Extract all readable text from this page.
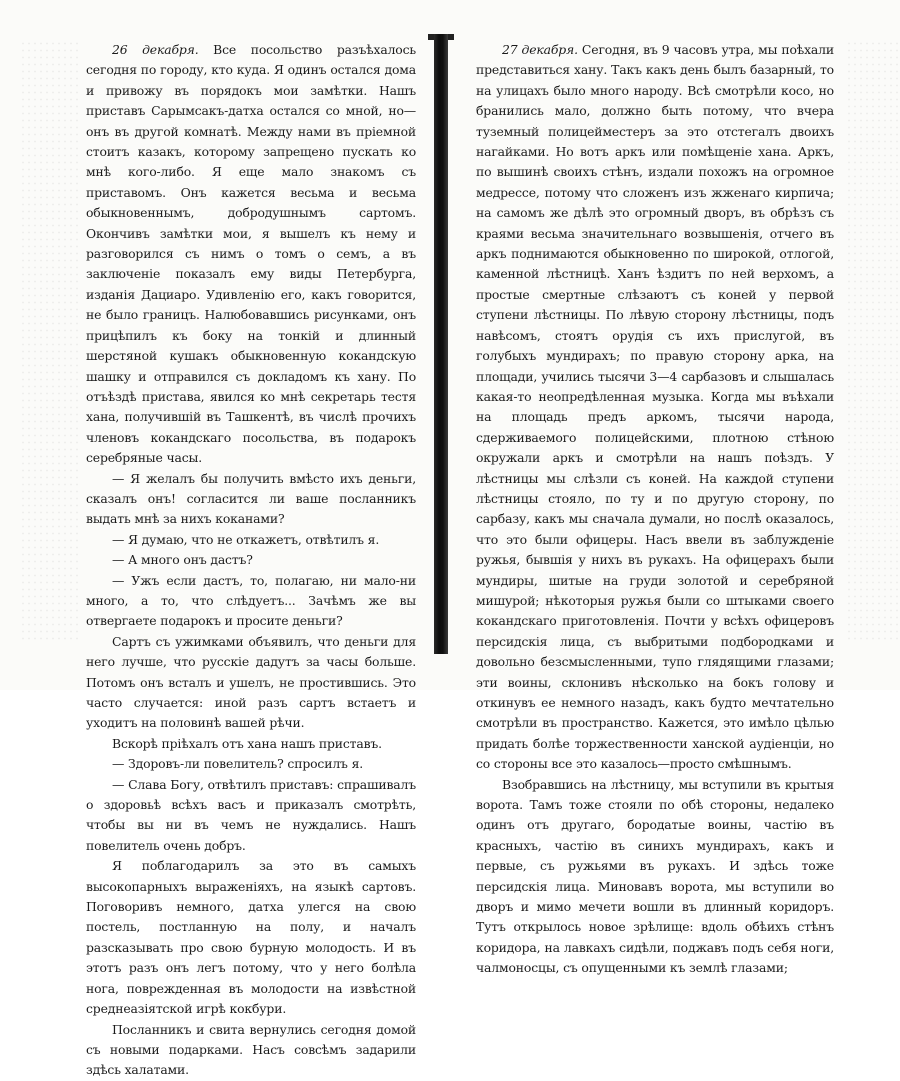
26 декабря. Все посольство разъѣхалось сегодня по городу, кто куда. Я одинъ остался дома и привожу въ порядокъ мои замѣтки. Нашъ приставъ Сарымсакъ-датха остался со мной, но—онъ въ другой комнатѣ. Между нами въ пріемной стоитъ казакъ, которому запрещено пускать ко мнѣ кого-либо. Я еще мало знакомъ съ приставомъ. Онъ кажется весьма и весьма обыкновеннымъ, добродушнымъ сартомъ. Окончивъ замѣтки мои, я вышелъ къ нему и разговорился съ нимъ о томъ о семъ, а въ заключеніе показалъ ему виды Петербурга, изданія Дациаро. Удивленію его, какъ говорится, не было границъ. Налюбовавшись рисунками, онъ прицѣпилъ къ боку на тонкій и длинный шерстяной кушакъ обыкновенную кокандскую шашку и отправился съ докладомъ къ хану. По отъѣздѣ пристава, явился ко мнѣ секретарь тестя хана, получившій въ Ташкентѣ, въ числѣ прочихъ членовъ кокандскаго посольства, въ подарокъ серебряные часы.

— Я желалъ бы получить вмѣсто ихъ деньги, сказалъ онъ! согласится ли ваше посланникъ выдать мнѣ за нихъ коканами?

— Я думаю, что не откажетъ, отвѣтилъ я.

— А много онъ дастъ?

— Ужъ если дастъ, то, полагаю, ни мало-ни много, а то, что слѣдуетъ... Зачѣмъ же вы отвергаете подарокъ и просите деньги?

Сартъ съ ужимками объявилъ, что деньги для него лучше, что русскіе дадутъ за часы больше. Потомъ онъ всталъ и ушелъ, не простившись. Это часто случается: иной разъ сартъ встаетъ и уходитъ на половинѣ вашей рѣчи.

Вскорѣ пріѣхалъ отъ хана нашъ приставъ.

— Здоровъ-ли повелитель? спросилъ я.

— Слава Богу, отвѣтилъ приставъ: спрашивалъ о здоровьѣ всѣхъ васъ и приказалъ смотрѣть, чтобы вы ни въ чемъ не нуждались. Нашъ повелитель очень добръ.

Я поблагодарилъ за это въ самыхъ высокопарныхъ выраженіяхъ, на языкѣ сартовъ. Поговоривъ немного, датха улегся на свою постель, постланную на полу, и началъ разсказывать про свою бурную молодость. И въ этотъ разъ онъ легъ потому, что у него болѣла нога, поврежденная въ молодости на извѣстной среднеазіятской игрѣ кокбури.

Посланникъ и свита вернулись сегодня домой съ новыми подарками. Насъ совсѣмъ задарили здѣсь халатами.

27 декабря. Сегодня, въ 9 часовъ утра, мы поѣхали представиться хану. Такъ какъ день былъ базарный, то на улицахъ было много народу. Всѣ смотрѣли косо, но бранились мало, должно быть потому, что вчера туземный полицейместеръ за это отстегалъ двоихъ нагайками. Но вотъ аркъ или помѣщеніе хана. Аркъ, по вышинѣ своихъ стѣнъ, издали похожъ на огромное медрессе, потому что сложенъ изъ жженаго кирпича; на самомъ же дѣлѣ это огромный дворъ, въ обрѣзъ съ краями весьма значительнаго возвышенія, отчего въ аркъ поднимаются обыкновенно по широкой, отлогой, каменной лѣстницѣ. Ханъ ѣздитъ по ней верхомъ, а простые смертные слѣзаютъ съ коней у первой ступени лѣстницы. По лѣвую сторону лѣстницы, подъ навѣсомъ, стоятъ орудія съ ихъ прислугой, въ голубыхъ мундирахъ; по правую сторону арка, на площади, учились тысячи 3—4 сарбазовъ и слышалась какая-то неопредѣленная музыка. Когда мы въѣхали на площадь предъ аркомъ, тысячи народа, сдерживаемого полицейскими, плотною стѣною окружали аркъ и смотрѣли на нашъ поѣздъ. У лѣстницы мы слѣзли съ коней. На каждой ступени лѣстницы стояло, по ту и по другую сторону, по сарбазу, какъ мы сначала думали, но послѣ оказалось, что это были офицеры. Насъ ввели въ заблужденіе ружья, бывшія у нихъ въ рукахъ. На офицерахъ были мундиры, шитые на груди золотой и серебряной мишурой; нѣкоторыя ружья были со штыками своего кокандскаго приготовленія. Почти у всѣхъ офицеровъ персидскія лица, съ выбритыми подбородками и довольно безсмысленными, тупо глядящими глазами; эти воины, склонивъ нѣсколько на бокъ голову и откинувъ ее немного назадъ, какъ будто мечтательно смотрѣли въ пространство. Кажется, это имѣло цѣлью придать болѣе торжественности ханской аудіенціи, но со стороны все это казалось—просто смѣшнымъ.

Взобравшись на лѣстницу, мы вступили въ крытыя ворота. Тамъ тоже стояли по обѣ стороны, недалеко одинъ отъ другаго, бородатые воины, частію въ красныхъ, частію въ синихъ мундирахъ, какъ и первые, съ ружьями въ рукахъ. И здѣсь тоже персидскія лица. Миновавъ ворота, мы вступили во дворъ и мимо мечети вошли въ длинный коридоръ. Тутъ открылось новое зрѣлище: вдоль обѣихъ стѣнъ коридора, на лавкахъ сидѣли, поджавъ подъ себя ноги, чалмоносцы, съ опущенными къ землѣ глазами;
